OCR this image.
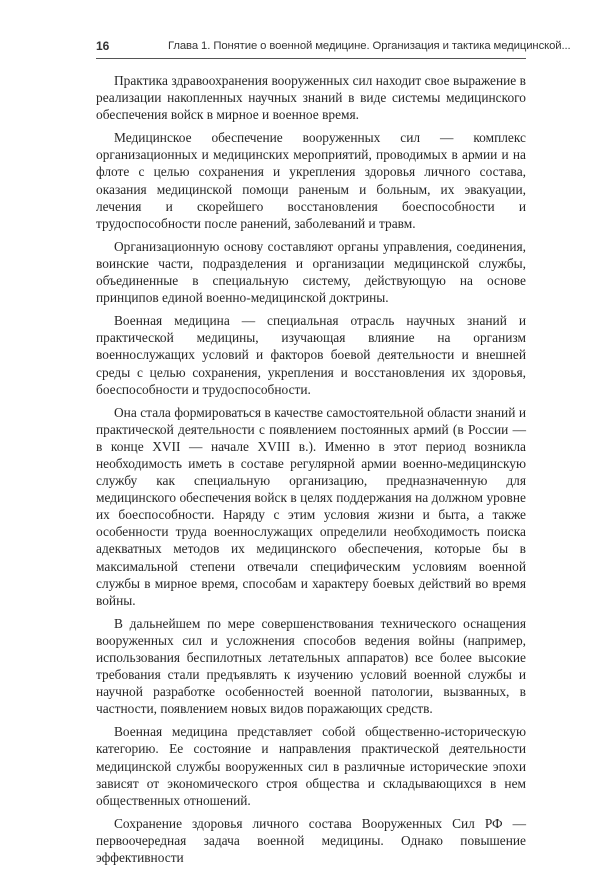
16	Глава 1. Понятие о военной медицине. Организация и тактика медицинской...

Практика здравоохранения вооруженных сил находит свое выражение в реализации накопленных научных знаний в виде системы медицинского обеспечения войск в мирное и военное время.

Медицинское обеспечение вооруженных сил — комплекс организационных и медицинских мероприятий, проводимых в армии и на флоте с целью сохранения и укрепления здоровья личного состава, оказания медицинской помощи раненым и больным, их эвакуации, лечения и скорейшего восстановления боеспособности и трудоспособности после ранений, заболеваний и травм.

Организационную основу составляют органы управления, соединения, воинские части, подразделения и организации медицинской службы, объединенные в специальную систему, действующую на основе принципов единой военно-медицинской доктрины.

Военная медицина — специальная отрасль научных знаний и практической медицины, изучающая влияние на организм военнослужащих условий и факторов боевой деятельности и внешней среды с целью сохранения, укрепления и восстановления их здоровья, боеспособности и трудоспособности.

Она стала формироваться в качестве самостоятельной области знаний и практической деятельности с появлением постоянных армий (в России — в конце XVII — начале XVIII в.). Именно в этот период возникла необходимость иметь в составе регулярной армии военно-медицинскую службу как специальную организацию, предназначенную для медицинского обеспечения войск в целях поддержания на должном уровне их боеспособности. Наряду с этим условия жизни и быта, а также особенности труда военнослужащих определили необходимость поиска адекватных методов их медицинского обеспечения, которые бы в максимальной степени отвечали специфическим условиям военной службы в мирное время, способам и характеру боевых действий во время войны.

В дальнейшем по мере совершенствования технического оснащения вооруженных сил и усложнения способов ведения войны (например, использования беспилотных летательных аппаратов) все более высокие требования стали предъявлять к изучению условий военной службы и научной разработке особенностей военной патологии, вызванных, в частности, появлением новых видов поражающих средств.

Военная медицина представляет собой общественно-историческую категорию. Ее состояние и направления практической деятельности медицинской службы вооруженных сил в различные исторические эпохи зависят от экономического строя общества и складывающихся в нем общественных отношений.

Сохранение здоровья личного состава Вооруженных Сил РФ — первоочередная задача военной медицины. Однако повышение эффективности
